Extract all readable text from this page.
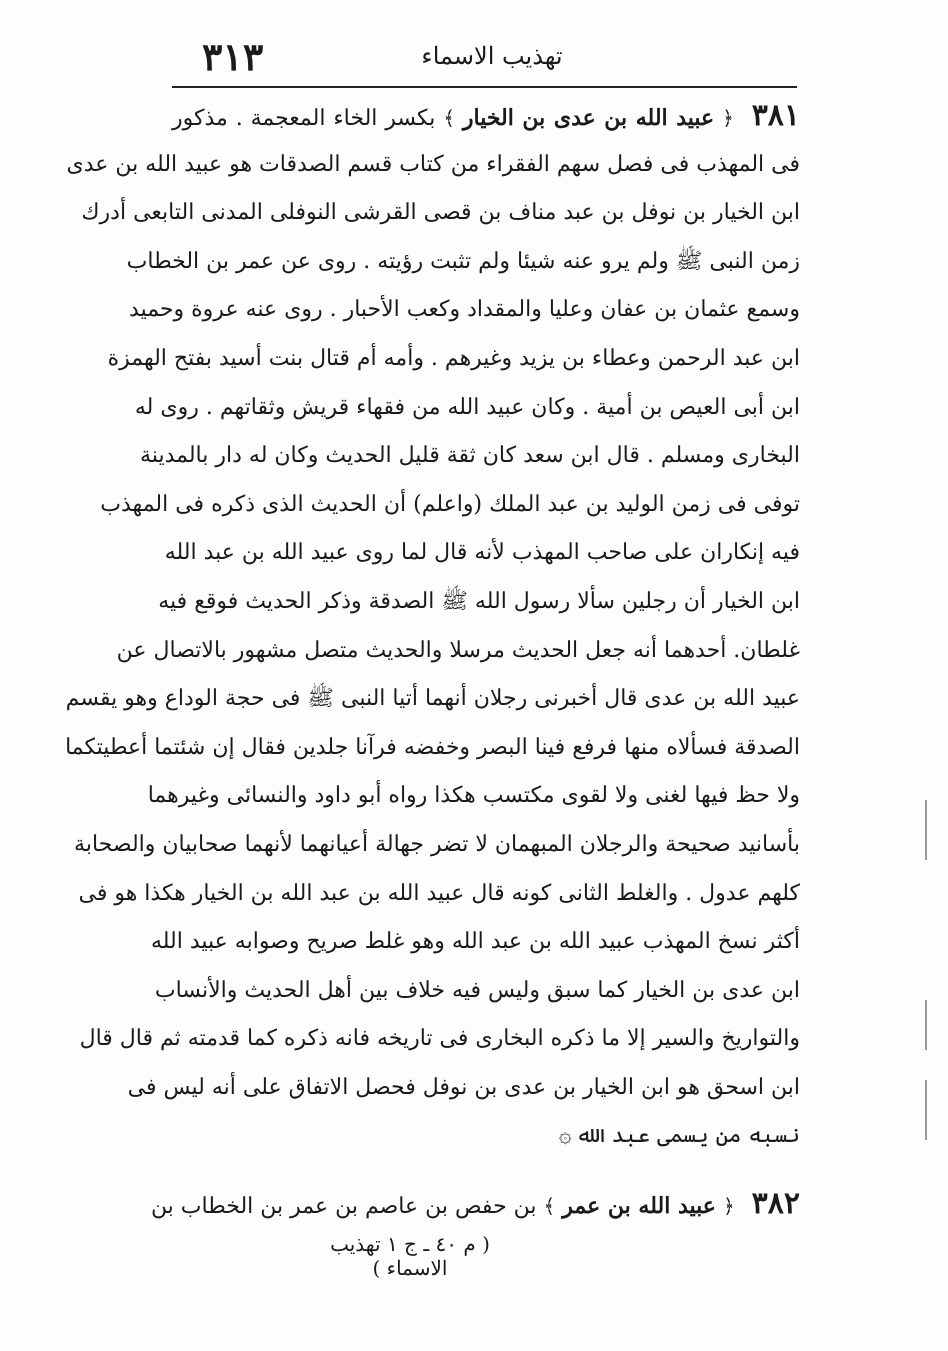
٣١٣	تهذيب الاسماء
٣٨١ ﴿ عبيد الله بن عدى بن الخيار ﴾ بكسر الخاء المعجمة . مذكور
فى المهذب فى فصل سهم الفقراء من كتاب قسم الصدقات هو عبيد الله بن عدى
ابن الخيار بن نوفل بن عبد مناف بن قصى القرشى النوفلى المدنى التابعى أدرك
زمن النبى ﷺ ولم يرو عنه شيئا ولم تثبت رؤيته . روى عن عمر بن الخطاب
وسمع عثمان بن عفان وعليا والمقداد وكعب الأحبار . روى عنه عروة وحميد
ابن عبد الرحمن وعطاء بن يزيد وغيرهم . وأمه أم قتال بنت أسيد بفتح الهمزة
ابن أبى العيص بن أمية . وكان عبيد الله من فقهاء قريش وثقاتهم . روى له
البخارى ومسلم . قال ابن سعد كان ثقة قليل الحديث وكان له دار بالمدينة
توفى فى زمن الوليد بن عبد الملك (واعلم) أن الحديث الذى ذكره فى المهذب
فيه إنكاران على صاحب المهذب لأنه قال لما روى عبيد الله بن عبد الله
ابن الخيار أن رجلين سألا رسول الله ﷺ الصدقة وذكر الحديث فوقع فيه
غلطان. أحدهما أنه جعل الحديث مرسلا والحديث متصل مشهور بالاتصال عن
عبيد الله بن عدى قال أخبرنى رجلان أنهما أتيا النبى ﷺ فى حجة الوداع وهو يقسم
الصدقة فسألاه منها فرفع فينا البصر وخفضه فرآنا جلدين فقال إن شئتما أعطيتكما
ولا حظ فيها لغنى ولا لقوى مكتسب هكذا رواه أبو داود والنسائى وغيرهما
بأسانيد صحيحة والرجلان المبهمان لا تضر جهالة أعيانهما لأنهما صحابيان والصحابة
كلهم عدول . والغلط الثانى كونه قال عبيد الله بن عبد الله بن الخيار هكذا هو فى
أكثر نسخ المهذب عبيد الله بن عبد الله وهو غلط صريح وصوابه عبيد الله
ابن عدى بن الخيار كما سبق وليس فيه خلاف بين أهل الحديث والأنساب
والتواريخ والسير إلا ما ذكره البخارى فى تاريخه فانه ذكره كما قدمته ثم قال قال
ابن اسحق هو ابن الخيار بن عدى بن نوفل فحصل الاتفاق على أنه ليس فى
نسبه من يسمى عبد الله ۞
٣٨٢ ﴿ عبيد الله بن عمر ﴾ بن حفص بن عاصم بن عمر بن الخطاب بن
( م ٤٠ ـ ج ١ تهذيب الاسماء )
